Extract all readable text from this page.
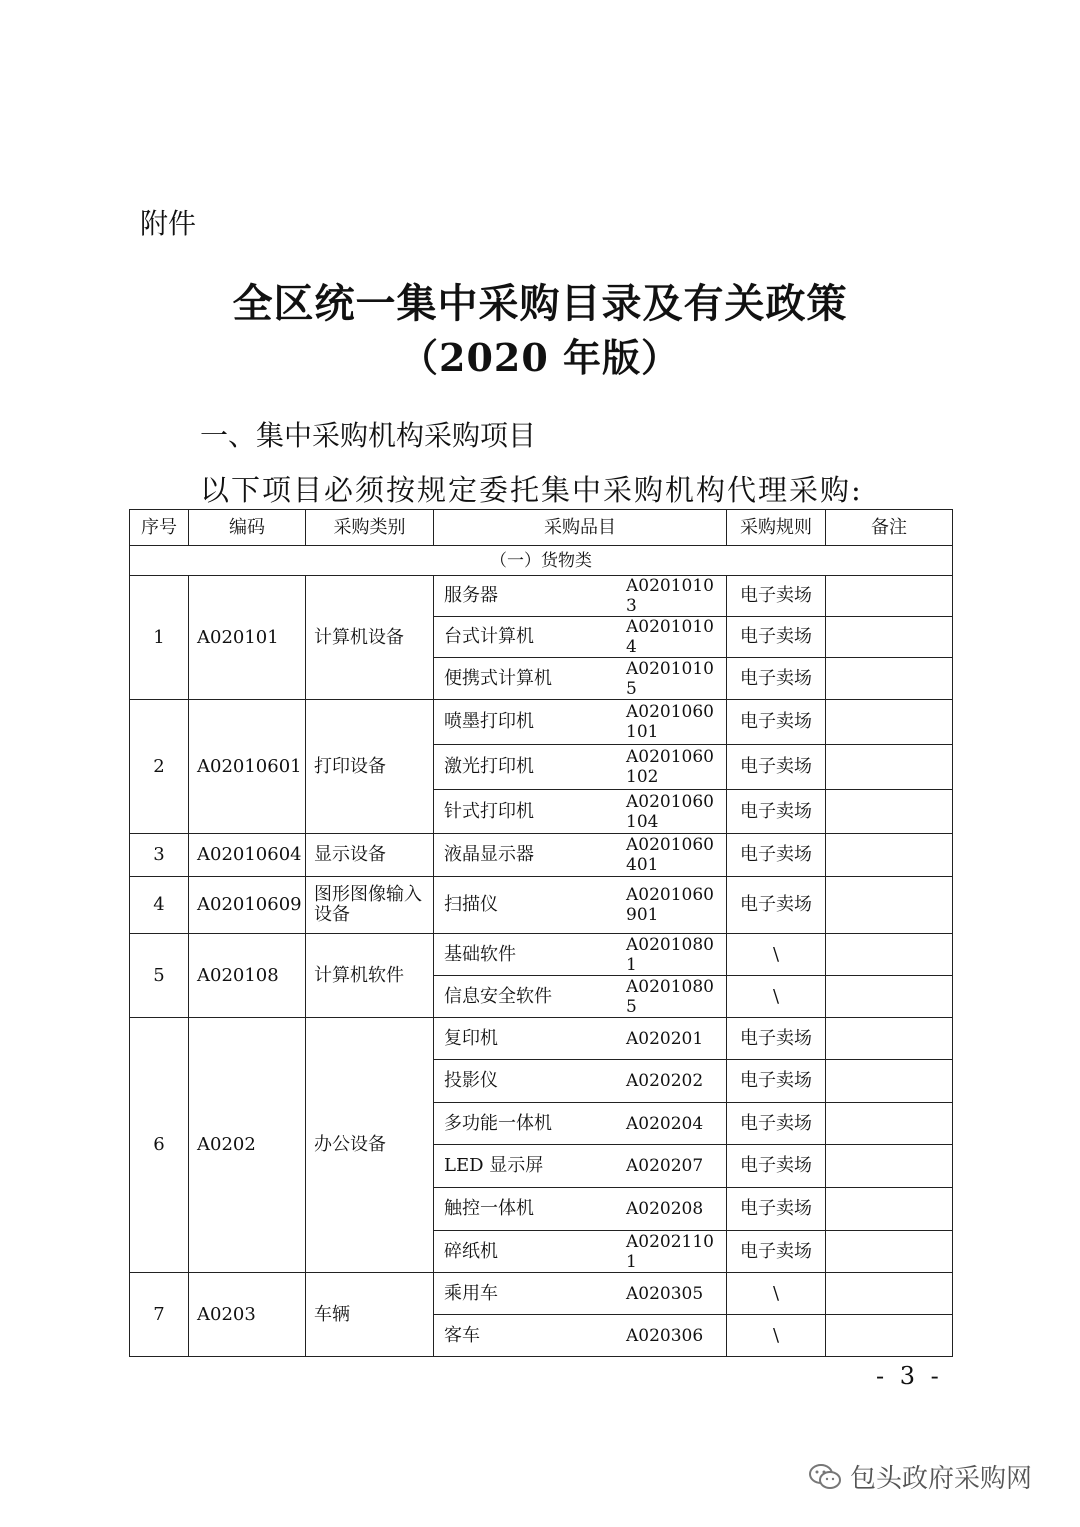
附件
全区统一集中采购目录及有关政策
（2020 年版）
一、集中采购机构采购项目
以下项目必须按规定委托集中采购机构代理采购:
序号	编码	采购类别	采购品目	采购规则	备注
（一）货物类					
1	A020101	计算机设备	服务器 A02010103	电子卖场	

			台式计算机 A02010104	电子卖场	

			便携式计算机 A02010105	电子卖场	
2	A02010601	打印设备	喷墨打印机 A0201060101	电子卖场	

			激光打印机 A0201060102	电子卖场	

			针式打印机 A0201060104	电子卖场	
3	A02010604	显示设备	液晶显示器 A0201060401	电子卖场	
4	A02010609	图形图像输入设备	扫描仪 A0201060901	电子卖场	
5	A020108	计算机软件	基础软件 A02010801	\	

			信息安全软件 A02010805	\	
6	A0202	办公设备	复印机 A020201	电子卖场	

			投影仪 A020202	电子卖场	

			多功能一体机 A020204	电子卖场	

			LED 显示屏 A020207	电子卖场	

			触控一体机 A020208	电子卖场	

			碎纸机 A02021101	电子卖场	
7	A0203	车辆	乘用车 A020305	\	

			客车 A020306	\	
- 3 -
包头政府采购网
